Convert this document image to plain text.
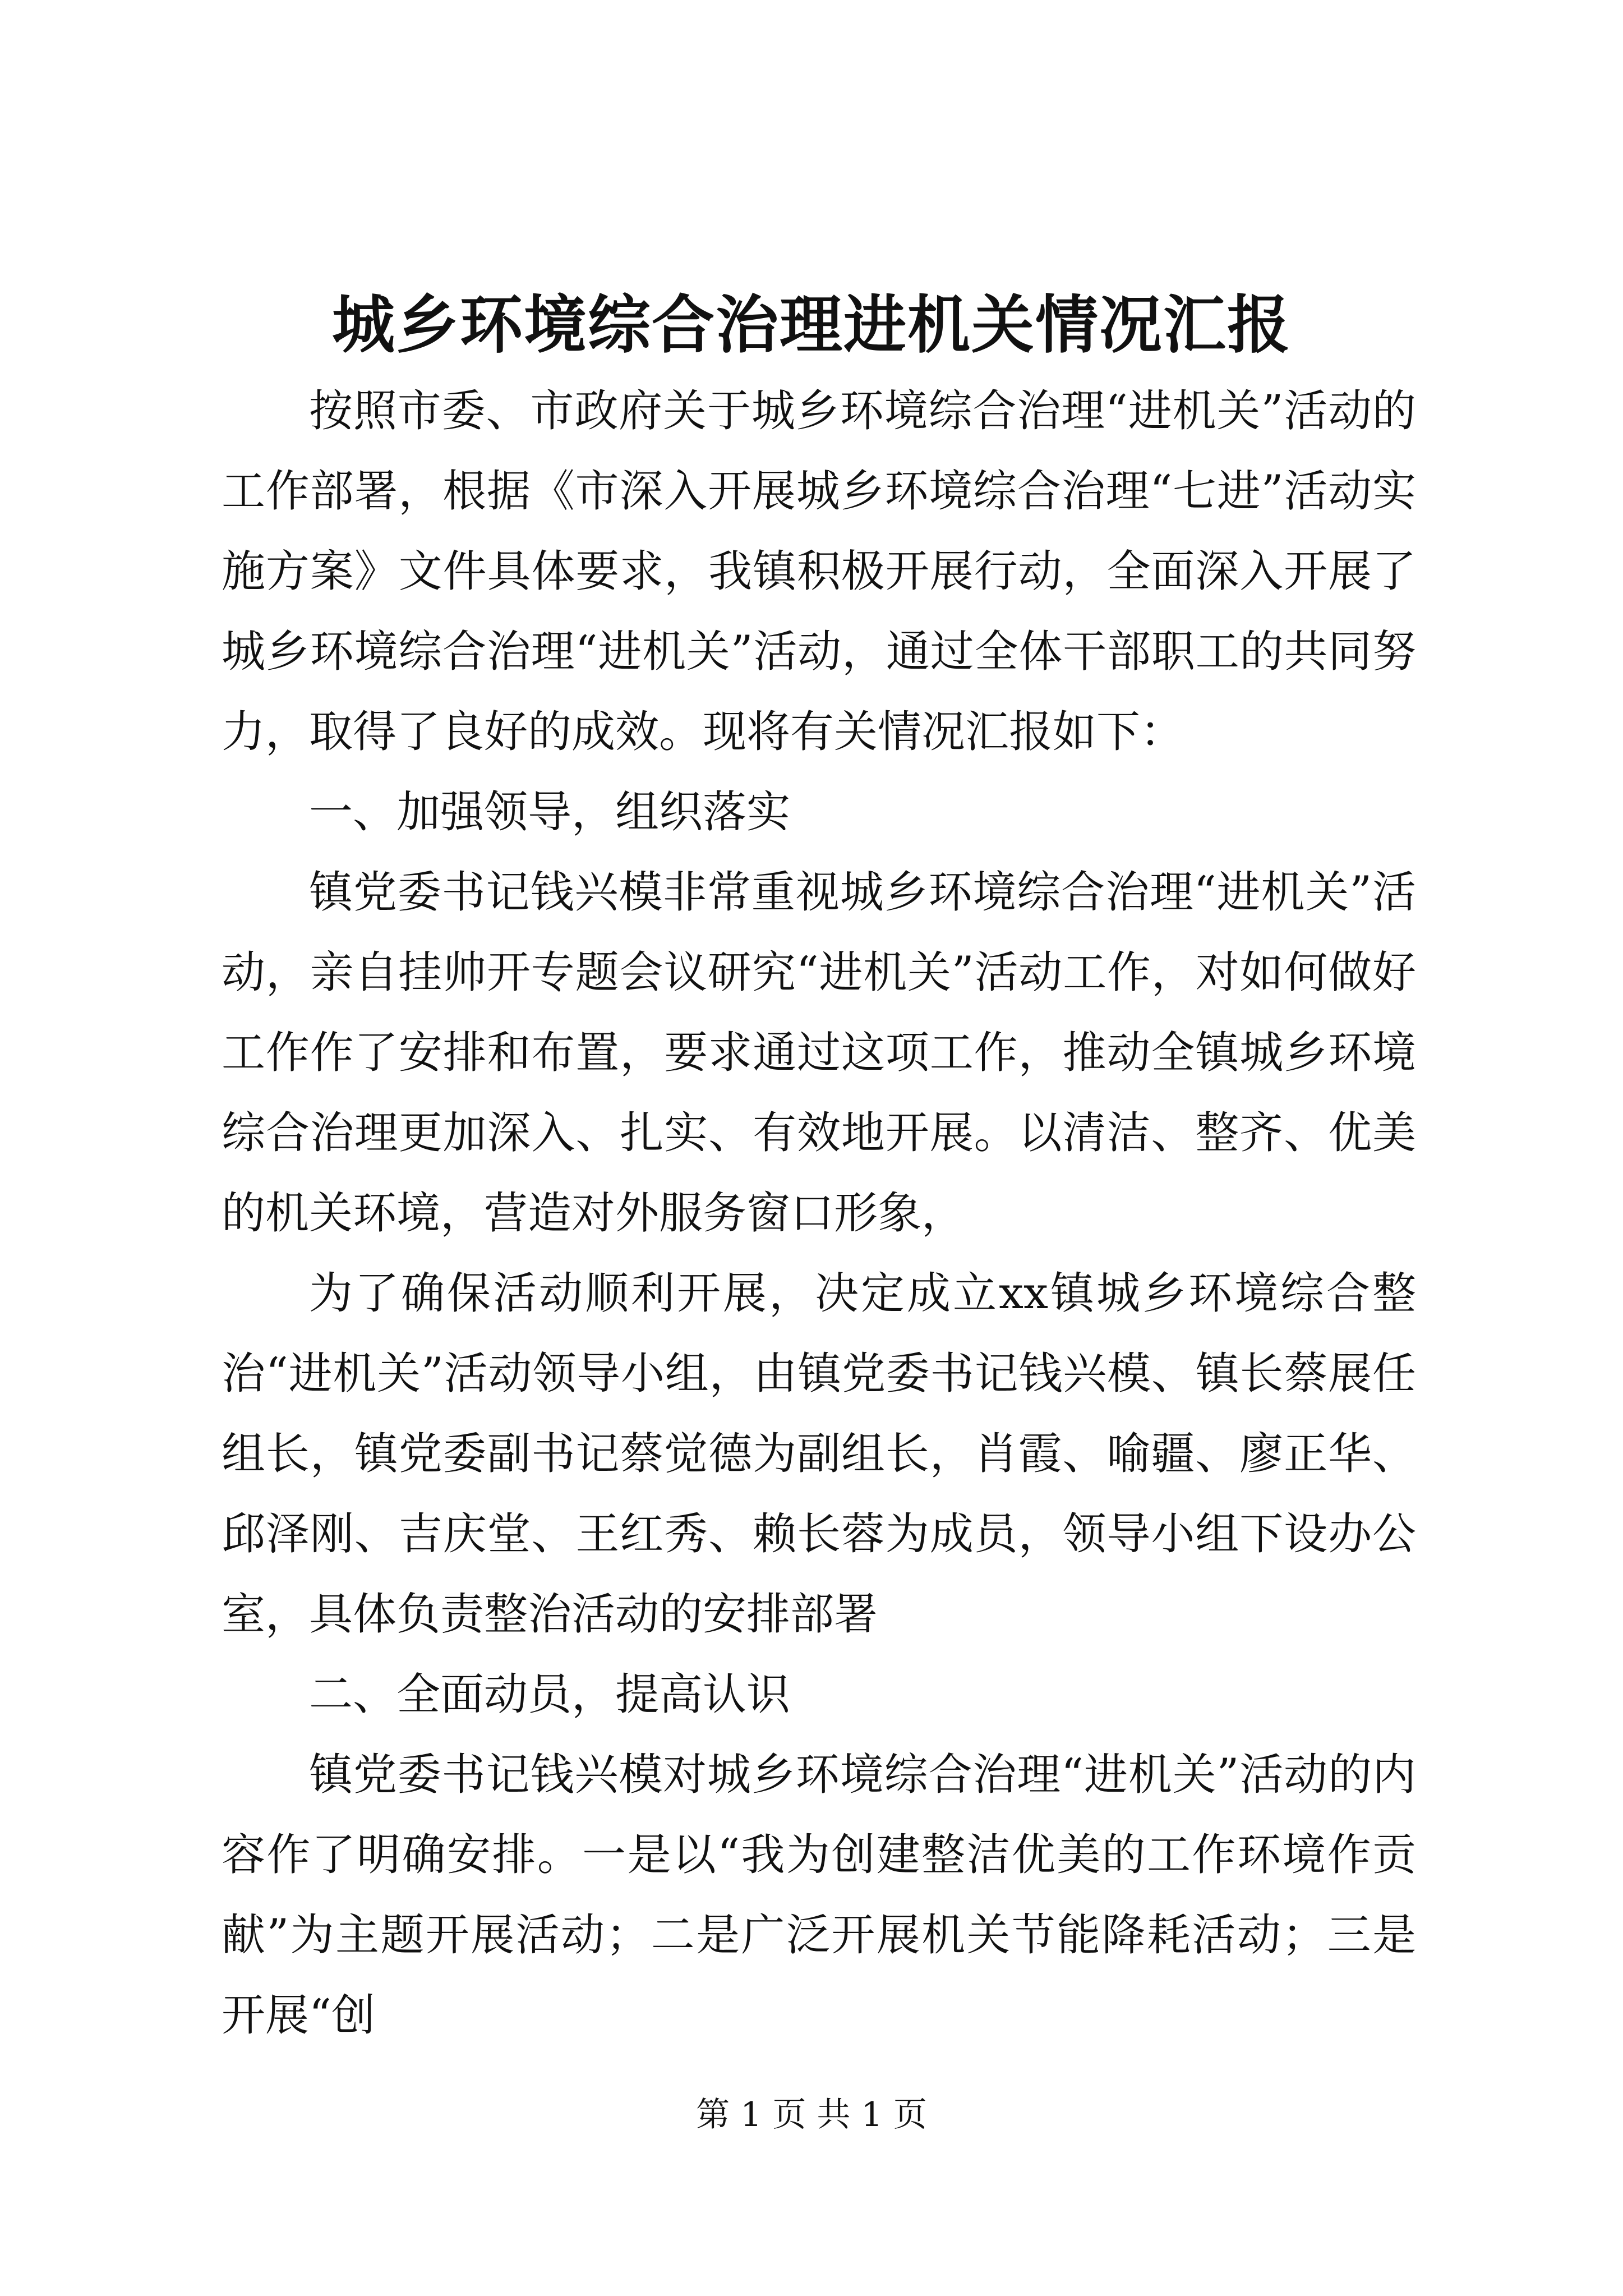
城乡环境综合治理进机关情况汇报

按照市委、市政府关于城乡环境综合治理“进机关”活动的工作部署，根据《市深入开展城乡环境综合治理“七进”活动实施方案》文件具体要求，我镇积极开展行动，全面深入开展了城乡环境综合治理“进机关”活动，通过全体干部职工的共同努力，取得了良好的成效。现将有关情况汇报如下：

一、加强领导，组织落实

镇党委书记钱兴模非常重视城乡环境综合治理“进机关”活动，亲自挂帅开专题会议研究“进机关”活动工作，对如何做好工作作了安排和布置，要求通过这项工作，推动全镇城乡环境综合治理更加深入、扎实、有效地开展。以清洁、整齐、优美的机关环境，营造对外服务窗口形象，

为了确保活动顺利开展，决定成立xx镇城乡环境综合整治“进机关”活动领导小组，由镇党委书记钱兴模、镇长蔡展任组长，镇党委副书记蔡觉德为副组长，肖霞、喻疆、廖正华、邱泽刚、吉庆堂、王红秀、赖长蓉为成员，领导小组下设办公室，具体负责整治活动的安排部署

二、全面动员，提高认识

镇党委书记钱兴模对城乡环境综合治理“进机关”活动的内容作了明确安排。一是以“我为创建整洁优美的工作环境作贡献”为主题开展活动；二是广泛开展机关节能降耗活动；三是开展“创

第 1 页 共 1 页
